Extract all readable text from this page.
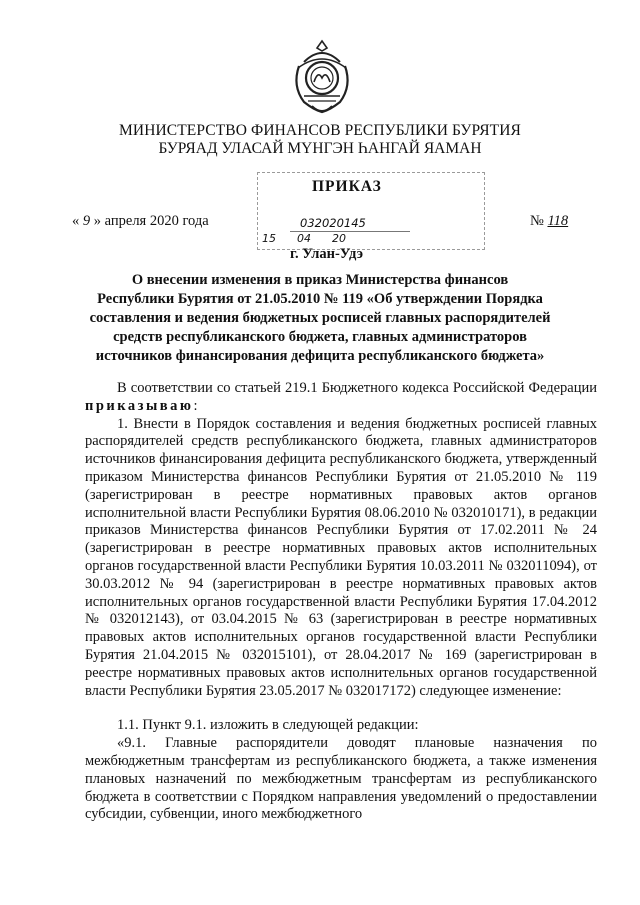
МИНИСТЕРСТВО ФИНАНСОВ РЕСПУБЛИКИ БУРЯТИЯ
БУРЯАД УЛАСАЙ МҮНГЭН ҺАНГАЙ ЯАМАН
ПРИКАЗ
032020145
15      04      20
« 9 » апреля 2020 года	№ 118
г. Улан-Удэ
О внесении изменения в приказ Министерства финансов
Республики Бурятия от 21.05.2010 № 119 «Об утверждении Порядка
составления и ведения бюджетных росписей главных распорядителей
средств республиканского бюджета, главных администраторов
источников финансирования дефицита республиканского бюджета»

В соответствии со статьей 219.1 Бюджетного кодекса Российской Федерации приказываю:

1. Внести в Порядок составления и ведения бюджетных росписей главных распорядителей средств республиканского бюджета, главных администраторов источников финансирования дефицита республиканского бюджета, утвержденный приказом Министерства финансов Республики Бурятия от 21.05.2010 № 119 (зарегистрирован в реестре нормативных правовых актов органов исполнительной власти Республики Бурятия 08.06.2010 № 032010171), в редакции приказов Министерства финансов Республики Бурятия от 17.02.2011 № 24 (зарегистрирован в реестре нормативных правовых актов исполнительных органов государственной власти Республики Бурятия 10.03.2011 № 032011094), от 30.03.2012 № 94 (зарегистрирован в реестре нормативных правовых актов исполнительных органов государственной власти Республики Бурятия 17.04.2012 № 032012143), от 03.04.2015 № 63 (зарегистрирован в реестре нормативных правовых актов исполнительных органов государственной власти Республики Бурятия 21.04.2015 № 032015101), от 28.04.2017 № 169 (зарегистрирован в реестре нормативных правовых актов исполнительных органов государственной власти Республики Бурятия 23.05.2017 № 032017172) следующее изменение:

1.1. Пункт 9.1. изложить в следующей редакции:

«9.1. Главные распорядители доводят плановые назначения по межбюджетным трансфертам из республиканского бюджета, а также изменения плановых назначений по межбюджетным трансфертам из республиканского бюджета в соответствии с Порядком направления уведомлений о предоставлении субсидии, субвенции, иного межбюджетного
